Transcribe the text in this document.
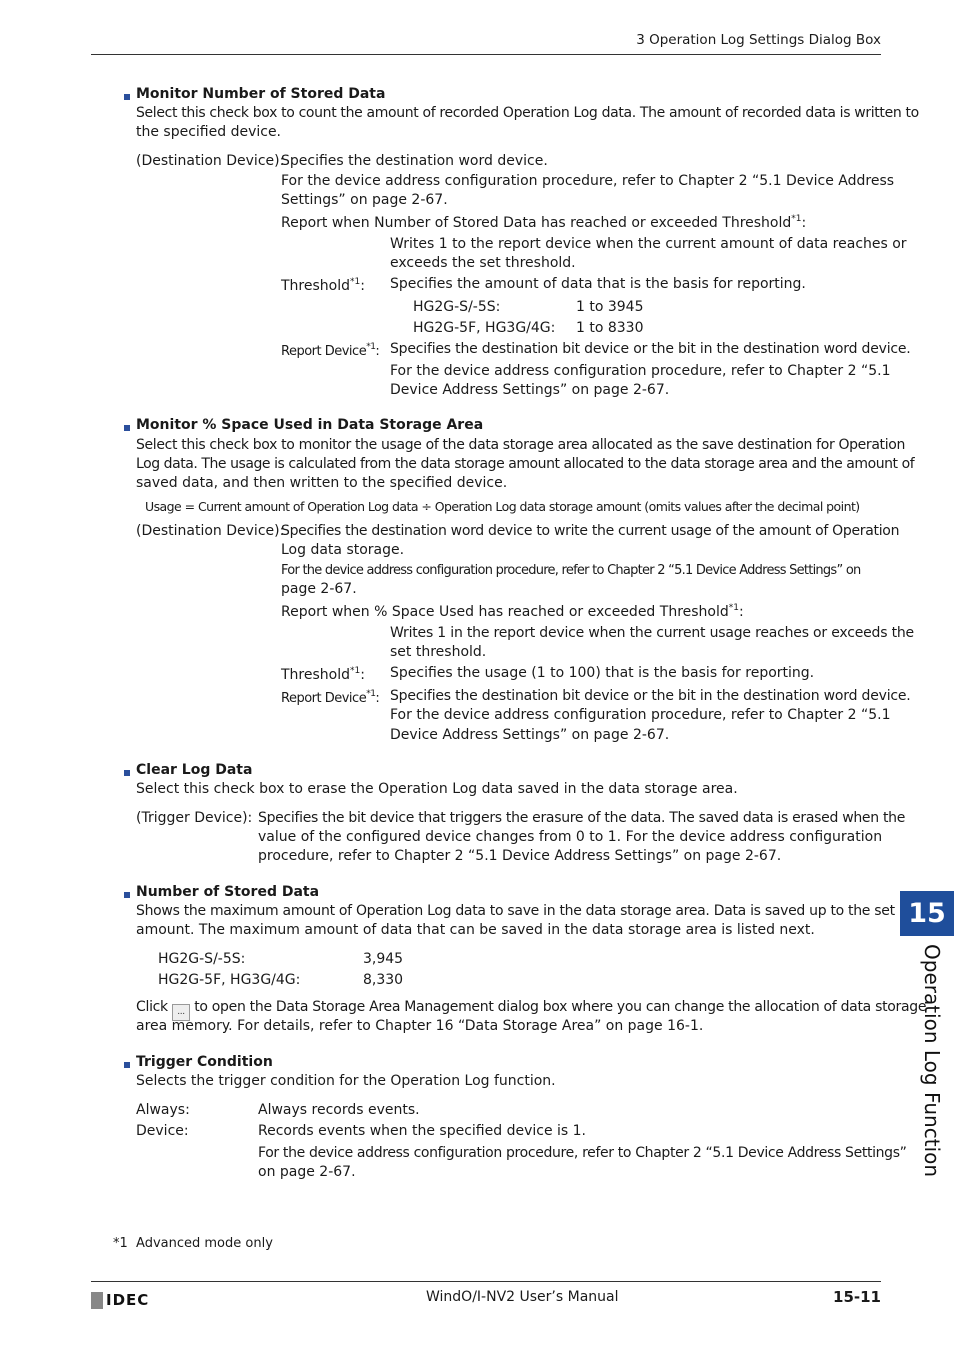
3 Operation Log Settings Dialog Box
Monitor Number of Stored Data
Select this check box to count the amount of recorded Operation Log data. The amount of recorded data is written to
the specified device.
(Destination Device):
Specifies the destination word device.
For the device address configuration procedure, refer to Chapter 2 “5.1 Device Address
Settings” on page 2-67.
Report when Number of Stored Data has reached or exceeded Threshold$^{*1}$:
Writes 1 to the report device when the current amount of data reaches or
exceeds the set threshold.
Threshold$^{*1}$: Specifies the amount of data that is the basis for reporting.
HG2G-S/-5S:	1 to 3945
HG2G-5F, HG3G/4G: 1 to 8330
Report Device$^{*1}$: Specifies the destination bit device or the bit in the destination word device.
For the device address configuration procedure, refer to Chapter 2 “5.1
Device Address Settings” on page 2-67.
Monitor % Space Used in Data Storage Area
Select this check box to monitor the usage of the data storage area allocated as the save destination for Operation
Log data. The usage is calculated from the data storage amount allocated to the data storage area and the amount of
saved data, and then written to the specified device.
Usage = Current amount of Operation Log data ÷ Operation Log data storage amount (omits values after the decimal point)
(Destination Device):
Specifies the destination word device to write the current usage of the amount of Operation
Log data storage.
For the device address configuration procedure, refer to Chapter 2 “5.1 Device Address Settings” on
page 2-67.
Report when % Space Used has reached or exceeded Threshold$^{*1}$:
Writes 1 in the report device when the current usage reaches or exceeds the
set threshold.
Threshold$^{*1}$: Specifies the usage (1 to 100) that is the basis for reporting.
Report Device$^{*1}$: Specifies the destination bit device or the bit in the destination word device.
For the device address configuration procedure, refer to Chapter 2 “5.1
Device Address Settings” on page 2-67.
Clear Log Data
Select this check box to erase the Operation Log data saved in the data storage area.
(Trigger Device): Specifies the bit device that triggers the erasure of the data. The saved data is erased when the
value of the configured device changes from 0 to 1. For the device address configuration
procedure, refer to Chapter 2 “5.1 Device Address Settings” on page 2-67.
Number of Stored Data
Shows the maximum amount of Operation Log data to save in the data storage area. Data is saved up to the set
amount. The maximum amount of data that can be saved in the data storage area is listed next.
HG2G-S/-5S:	3,945
HG2G-5F, HG3G/4G:	8,330
Click ... to open the Data Storage Area Management dialog box where you can change the allocation of data storage
area memory. For details, refer to Chapter 16 “Data Storage Area” on page 16-1.
Trigger Condition
Selects the trigger condition for the Operation Log function.
Always:	Always records events.
Device:	Records events when the specified device is 1.
For the device address configuration procedure, refer to Chapter 2 “5.1 Device Address Settings”
on page 2-67.
*1 Advanced mode only
15
Operation Log Function
IDEC	WindO/I-NV2 User’s Manual	15-11
